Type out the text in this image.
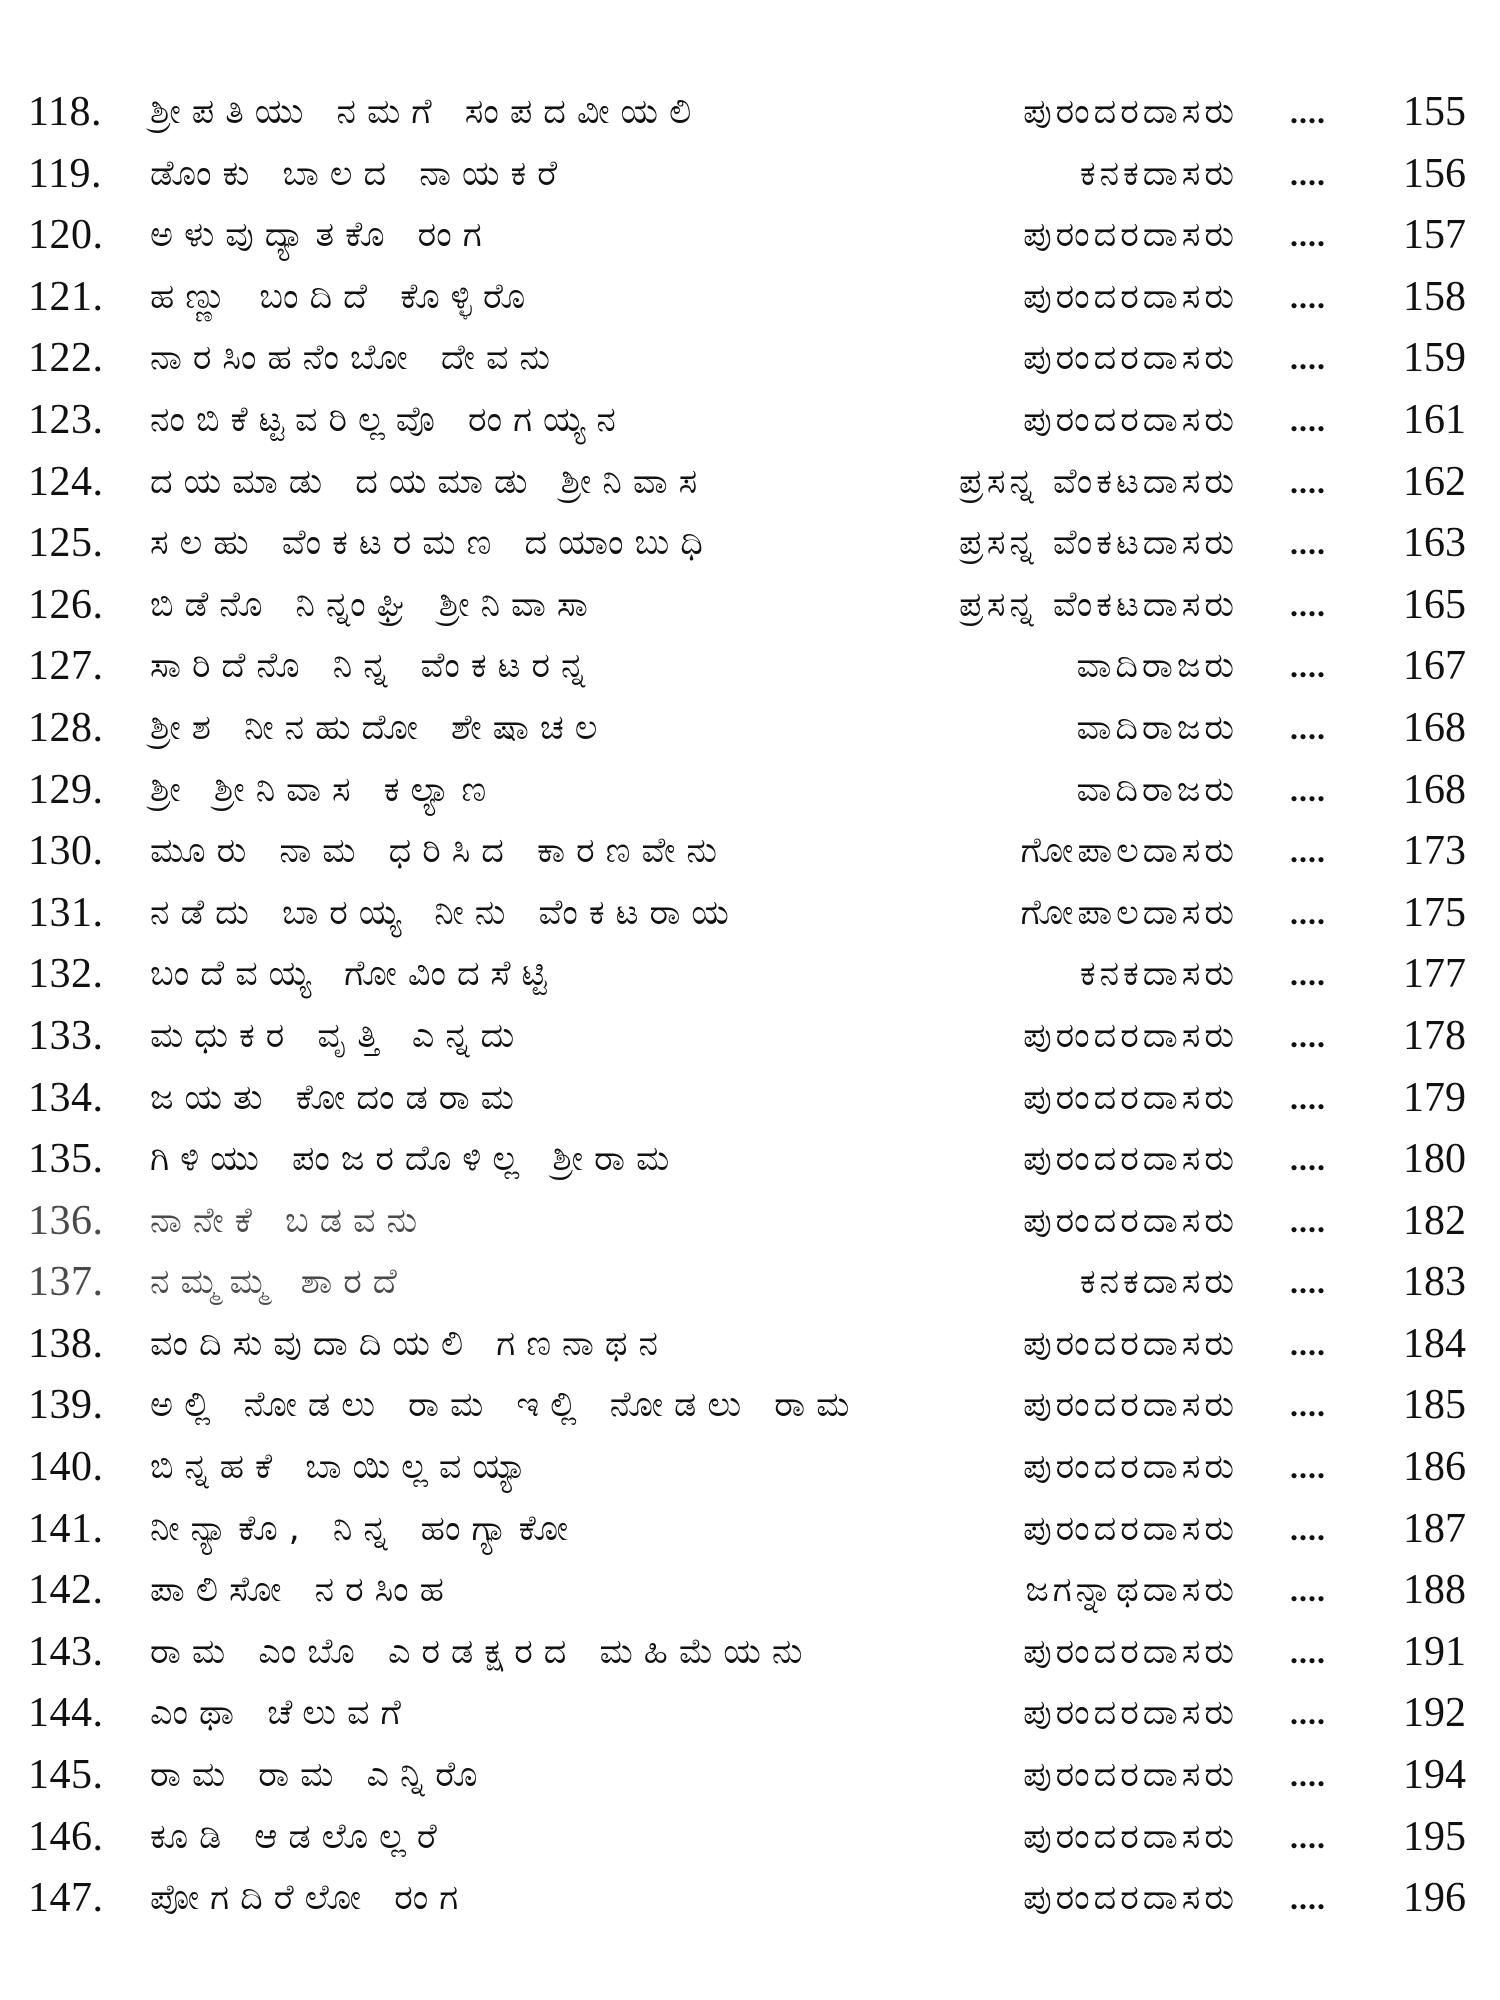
118.	ಶ್ರೀಪತಿಯು ನಮಗೆ ಸಂಪದವೀಯಲಿ	ಪುರಂದರದಾಸರು .... 155
119.	ಡೊಂಕು ಬಾಲದ ನಾಯಕರೆ	ಕನಕದಾಸರು .... 156
120.	ಅಳುವುದ್ಯಾತಕೊ ರಂಗ	ಪುರಂದರದಾಸರು .... 157
121.	ಹಣ್ಣು ಬಂದಿದೆ ಕೊಳ್ಳಿರೊ	ಪುರಂದರದಾಸರು .... 158
122.	ನಾರಸಿಂಹನೆಂಬೋ ದೇವನು	ಪುರಂದರದಾಸರು .... 159
123.	ನಂಬಿಕೆಟ್ಟವರಿಲ್ಲವೊ ರಂಗಯ್ಯನ	ಪುರಂದರದಾಸರು .... 161
124.	ದಯಮಾಡು ದಯಮಾಡು ಶ್ರೀನಿವಾಸ	ಪ್ರಸನ್ನ ವೆಂಕಟದಾಸರು .... 162
125.	ಸಲಹು ವೆಂಕಟರಮಣ ದಯಾಂಬುಧಿ	ಪ್ರಸನ್ನ ವೆಂಕಟದಾಸರು .... 163
126.	ಬಿಡೆನೊ ನಿನ್ನಂಘ್ರಿ ಶ್ರೀನಿವಾಸಾ	ಪ್ರಸನ್ನ ವೆಂಕಟದಾಸರು .... 165
127.	ಸಾರಿದೆನೊ ನಿನ್ನ ವೆಂಕಟರನ್ನ	ವಾದಿರಾಜರು .... 167
128.	ಶ್ರೀಶ ನೀನಹುದೋ ಶೇಷಾಚಲ	ವಾದಿರಾಜರು .... 168
129.	ಶ್ರೀ ಶ್ರೀನಿವಾಸ ಕಲ್ಯಾಣ	ವಾದಿರಾಜರು .... 168
130.	ಮೂರು ನಾಮ ಧರಿಸಿದ ಕಾರಣವೇನು	ಗೋಪಾಲದಾಸರು .... 173
131.	ನಡೆದು ಬಾರಯ್ಯ ನೀನು ವೆಂಕಟರಾಯ	ಗೋಪಾಲದಾಸರು .... 175
132.	ಬಂದೆವಯ್ಯ ಗೋವಿಂದಸೆಟ್ಟಿ	ಕನಕದಾಸರು .... 177
133.	ಮಧುಕರ ವೃತ್ತಿ ಎನ್ನದು	ಪುರಂದರದಾಸರು .... 178
134.	ಜಯತು ಕೋದಂಡರಾಮ	ಪುರಂದರದಾಸರು .... 179
135.	ಗಿಳಿಯು ಪಂಜರದೊಳಿಲ್ಲ ಶ್ರೀರಾಮ	ಪುರಂದರದಾಸರು .... 180
136.	ನಾನೇಕೆ ಬಡವನು	ಪುರಂದರದಾಸರು .... 182
137.	ನಮ್ಮಮ್ಮ ಶಾರದೆ	ಕನಕದಾಸರು .... 183
138.	ವಂದಿಸುವುದಾದಿಯಲಿ ಗಣನಾಥನ	ಪುರಂದರದಾಸರು .... 184
139.	ಅಲ್ಲಿ ನೋಡಲು ರಾಮ ಇಲ್ಲಿ ನೋಡಲು ರಾಮ	ಪುರಂದರದಾಸರು .... 185
140.	ಬಿನ್ನಹಕೆ ಬಾಯಿಲ್ಲವಯ್ಯಾ	ಪುರಂದರದಾಸರು .... 186
141.	ನೀನ್ಯಾಕೊ, ನಿನ್ನ ಹಂಗ್ಯಾಕೋ	ಪುರಂದರದಾಸರು .... 187
142.	ಪಾಲಿಸೋ ನರಸಿಂಹ	ಜಗನ್ನಾಥದಾಸರು .... 188
143.	ರಾಮ ಎಂಬೊ ಎರಡಕ್ಷರದ ಮಹಿಮೆಯನು	ಪುರಂದರದಾಸರು .... 191
144.	ಎಂಥಾ ಚೆಲುವಗೆ	ಪುರಂದರದಾಸರು .... 192
145.	ರಾಮ ರಾಮ ಎನ್ನಿರೊ	ಪುರಂದರದಾಸರು .... 194
146.	ಕೂಡಿ ಆಡಲೊಲ್ಲರೆ	ಪುರಂದರದಾಸರು .... 195
147.	ಪೋಗದಿರೆಲೋ ರಂಗ	ಪುರಂದರದಾಸರು .... 196
